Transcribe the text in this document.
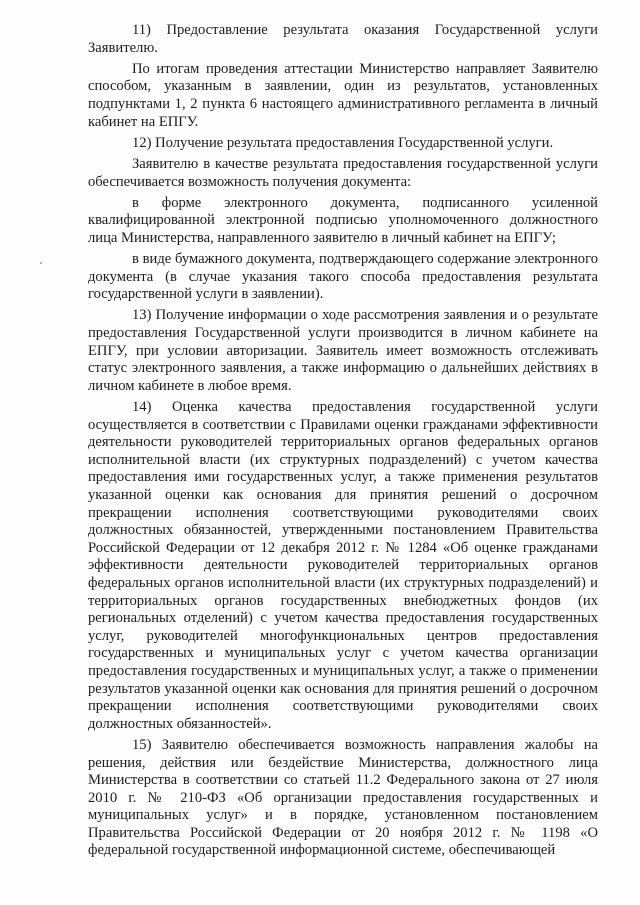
11) Предоставление результата оказания Государственной услуги Заявителю.

По итогам проведения аттестации Министерство направляет Заявителю способом, указанным в заявлении, один из результатов, установленных подпунктами 1, 2 пункта 6 настоящего административного регламента в личный кабинет на ЕПГУ.

12) Получение результата предоставления Государственной услуги.

Заявителю в качестве результата предоставления государственной услуги обеспечивается возможность получения документа:

в форме электронного документа, подписанного усиленной квалифицированной электронной подписью уполномоченного должностного лица Министерства, направленного заявителю в личный кабинет на ЕПГУ;

в виде бумажного документа, подтверждающего содержание электронного документа (в случае указания такого способа предоставления результата государственной услуги в заявлении).

13) Получение информации о ходе рассмотрения заявления и о результате предоставления Государственной услуги производится в личном кабинете на ЕПГУ, при условии авторизации. Заявитель имеет возможность отслеживать статус электронного заявления, а также информацию о дальнейших действиях в личном кабинете в любое время.

14) Оценка качества предоставления государственной услуги осуществляется в соответствии с Правилами оценки гражданами эффективности деятельности руководителей территориальных органов федеральных органов исполнительной власти (их структурных подразделений) с учетом качества предоставления ими государственных услуг, а также применения результатов указанной оценки как основания для принятия решений о досрочном прекращении исполнения соответствующими руководителями своих должностных обязанностей, утвержденными постановлением Правительства Российской Федерации от 12 декабря 2012 г. № 1284 «Об оценке гражданами эффективности деятельности руководителей территориальных органов федеральных органов исполнительной власти (их структурных подразделений) и территориальных органов государственных внебюджетных фондов (их региональных отделений) с учетом качества предоставления государственных услуг, руководителей многофункциональных центров предоставления государственных и муниципальных услуг с учетом качества организации предоставления государственных и муниципальных услуг, а также о применении результатов указанной оценки как основания для принятия решений о досрочном прекращении исполнения соответствующими руководителями своих должностных обязанностей».

15) Заявителю обеспечивается возможность направления жалобы на решения, действия или бездействие Министерства, должностного лица Министерства в соответствии со статьей 11.2 Федерального закона от 27 июля 2010 г. № 210-ФЗ «Об организации предоставления государственных и муниципальных услуг» и в порядке, установленном постановлением Правительства Российской Федерации от 20 ноября 2012 г. № 1198 «О федеральной государственной информационной системе, обеспечивающей
